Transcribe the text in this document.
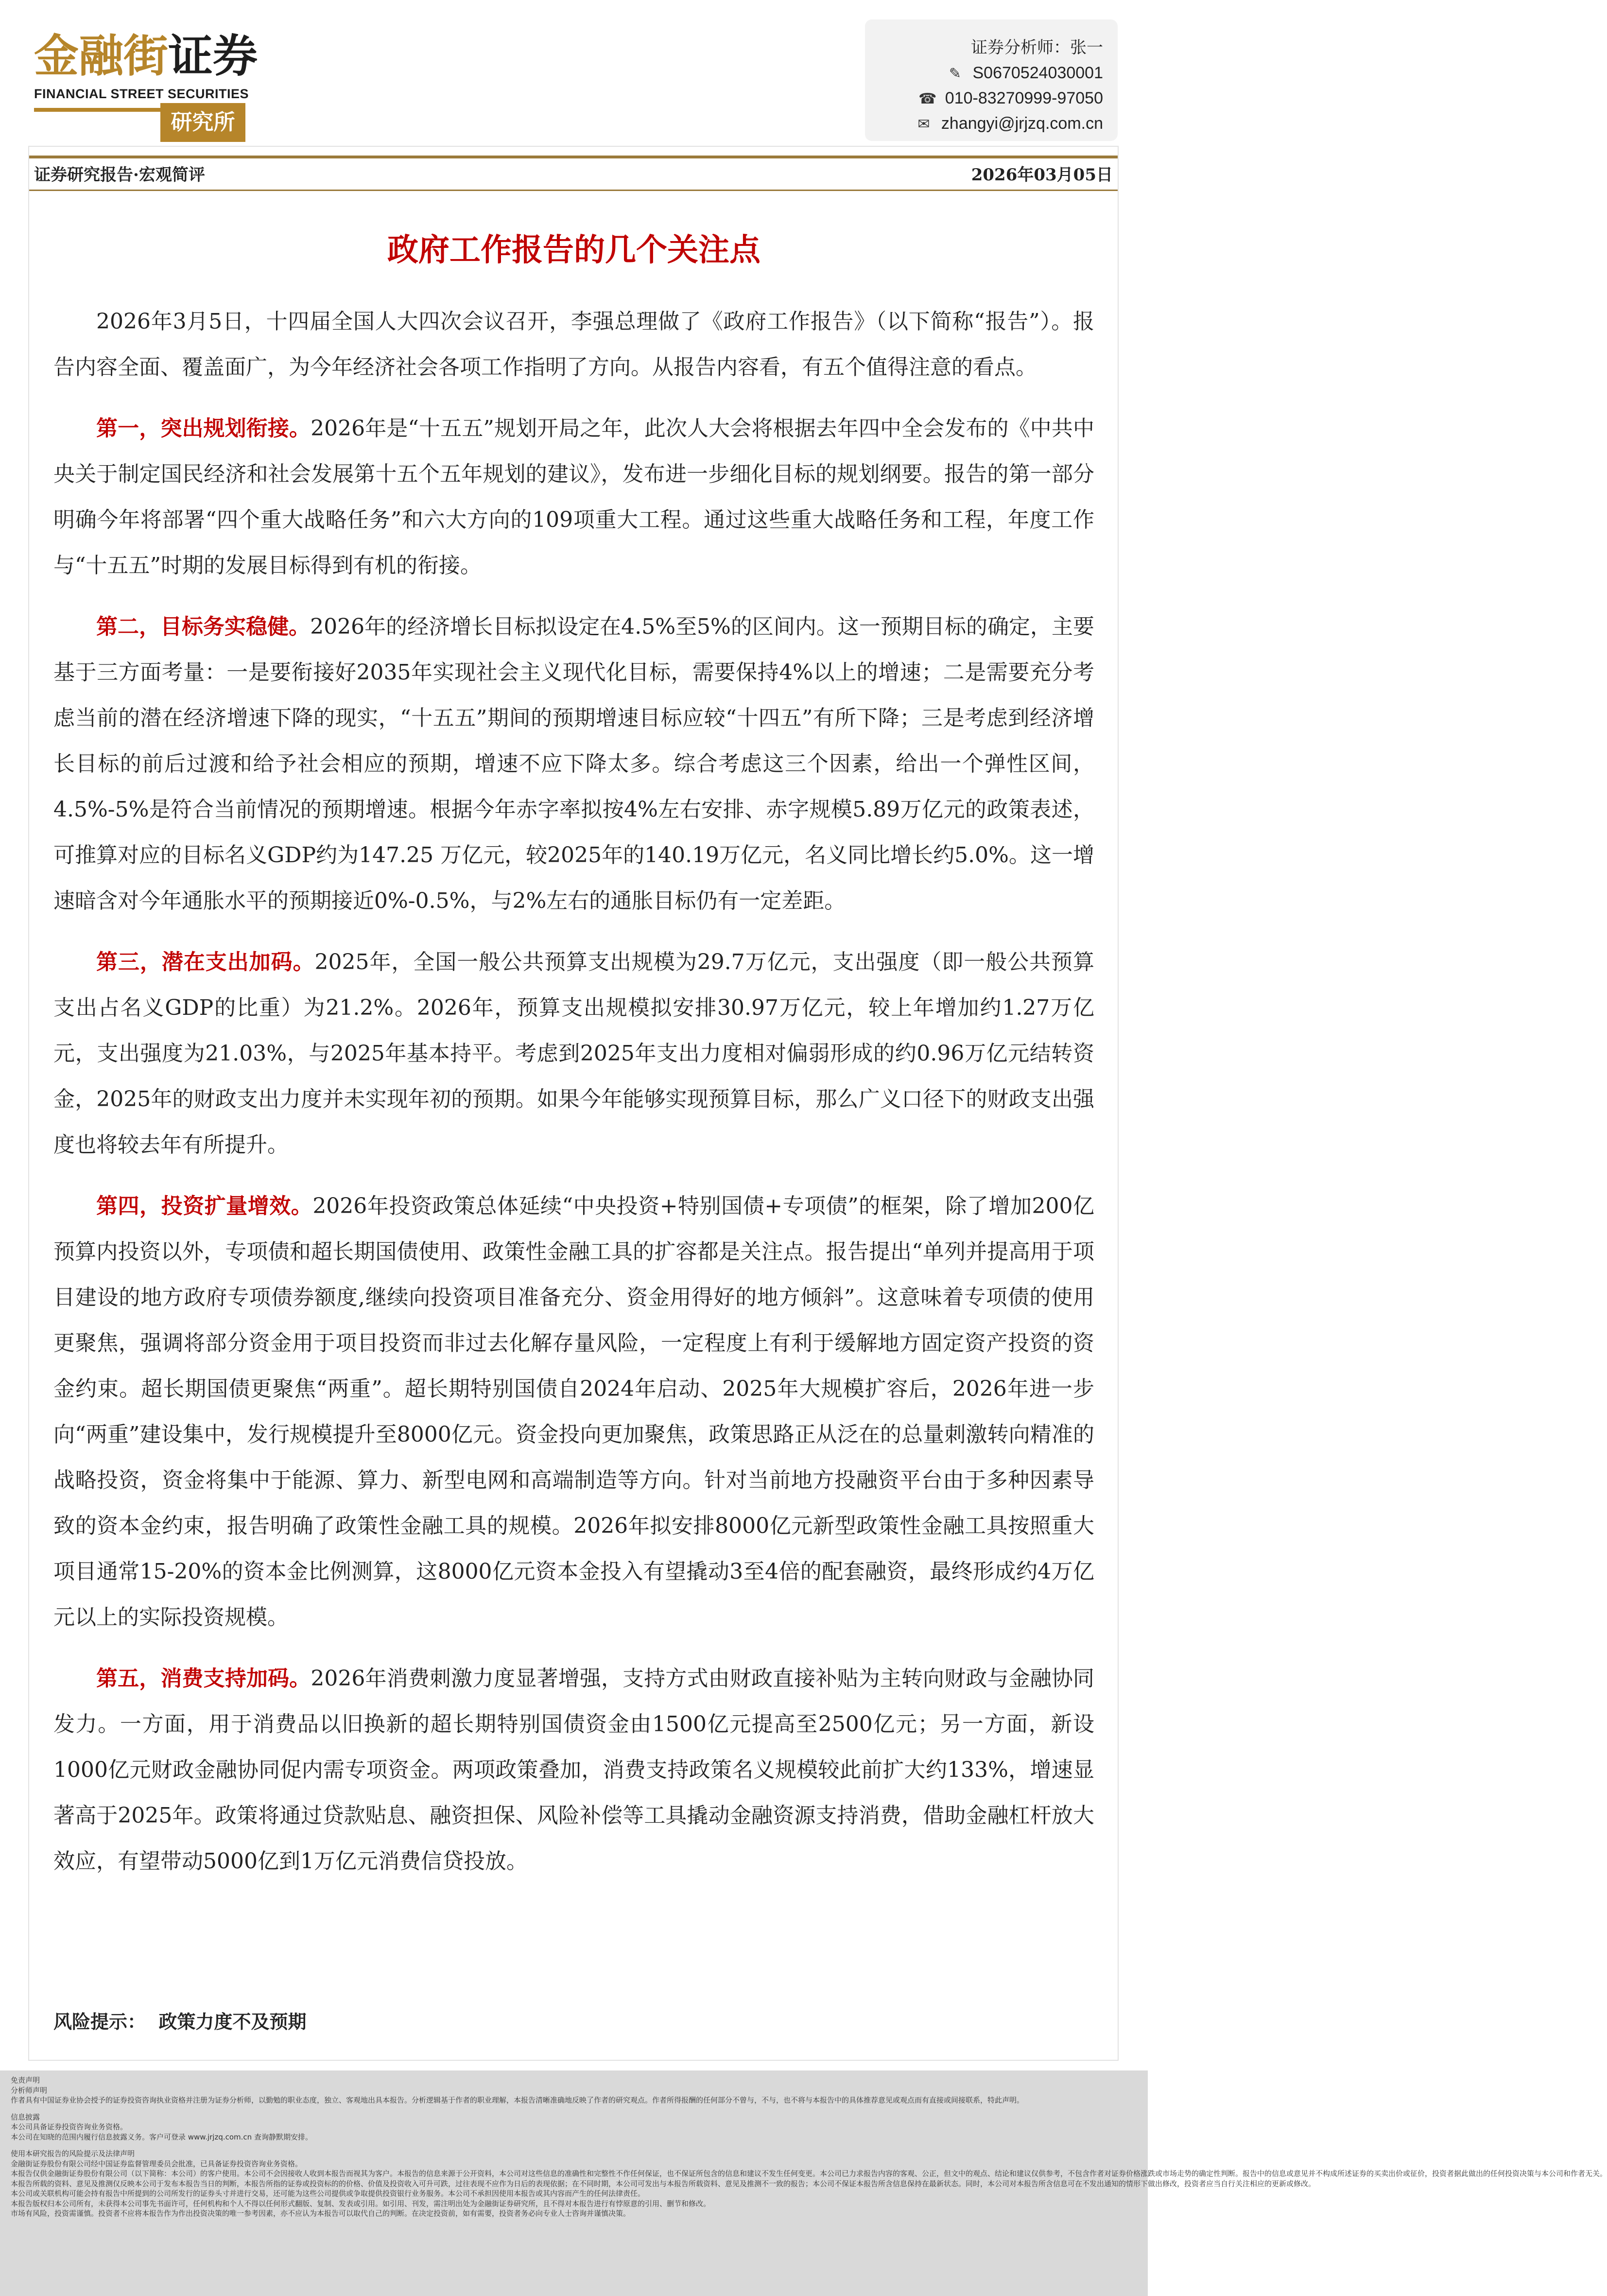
金融街证券
FINANCIAL STREET SECURITIES
研究所
证券分析师：张一
✎ S0670524030001
☎ 010-83270999-97050
✉ zhangyi@jrjzq.com.cn
证券研究报告·宏观简评	2026年03月05日
政府工作报告的几个关注点

2026年3月5日，十四届全国人大四次会议召开，李强总理做了《政府工作报告》（以下简称“报告”）。报告内容全面、覆盖面广，为今年经济社会各项工作指明了方向。从报告内容看，有五个值得注意的看点。

第一，突出规划衔接。2026年是“十五五”规划开局之年，此次人大会将根据去年四中全会发布的《中共中央关于制定国民经济和社会发展第十五个五年规划的建议》，发布进一步细化目标的规划纲要。报告的第一部分明确今年将部署“四个重大战略任务”和六大方向的109项重大工程。通过这些重大战略任务和工程，年度工作与“十五五”时期的发展目标得到有机的衔接。

第二，目标务实稳健。2026年的经济增长目标拟设定在4.5%至5%的区间内。这一预期目标的确定，主要基于三方面考量：一是要衔接好2035年实现社会主义现代化目标，需要保持4%以上的增速；二是需要充分考虑当前的潜在经济增速下降的现实，“十五五”期间的预期增速目标应较“十四五”有所下降；三是考虑到经济增长目标的前后过渡和给予社会相应的预期，增速不应下降太多。综合考虑这三个因素，给出一个弹性区间，4.5%-5%是符合当前情况的预期增速。根据今年赤字率拟按4%左右安排、赤字规模5.89万亿元的政策表述，可推算对应的目标名义GDP约为147.25 万亿元，较2025年的140.19万亿元，名义同比增长约5.0%。这一增速暗含对今年通胀水平的预期接近0%-0.5%，与2%左右的通胀目标仍有一定差距。

第三，潜在支出加码。2025年，全国一般公共预算支出规模为29.7万亿元，支出强度（即一般公共预算支出占名义GDP的比重）为21.2%。2026年，预算支出规模拟安排30.97万亿元，较上年增加约1.27万亿元，支出强度为21.03%，与2025年基本持平。考虑到2025年支出力度相对偏弱形成的约0.96万亿元结转资金，2025年的财政支出力度并未实现年初的预期。如果今年能够实现预算目标，那么广义口径下的财政支出强度也将较去年有所提升。

第四，投资扩量增效。2026年投资政策总体延续“中央投资+特别国债+专项债”的框架，除了增加200亿预算内投资以外，专项债和超长期国债使用、政策性金融工具的扩容都是关注点。报告提出“单列并提高用于项目建设的地方政府专项债券额度,继续向投资项目准备充分、资金用得好的地方倾斜”。这意味着专项债的使用更聚焦，强调将部分资金用于项目投资而非过去化解存量风险，一定程度上有利于缓解地方固定资产投资的资金约束。超长期国债更聚焦“两重”。超长期特别国债自2024年启动、2025年大规模扩容后，2026年进一步向“两重”建设集中，发行规模提升至8000亿元。资金投向更加聚焦，政策思路正从泛在的总量刺激转向精准的战略投资，资金将集中于能源、算力、新型电网和高端制造等方向。针对当前地方投融资平台由于多种因素导致的资本金约束，报告明确了政策性金融工具的规模。2026年拟安排8000亿元新型政策性金融工具按照重大项目通常15-20%的资本金比例测算，这8000亿元资本金投入有望撬动3至4倍的配套融资，最终形成约4万亿元以上的实际投资规模。

第五，消费支持加码。2026年消费刺激力度显著增强，支持方式由财政直接补贴为主转向财政与金融协同发力。一方面，用于消费品以旧换新的超长期特别国债资金由1500亿元提高至2500亿元；另一方面，新设1000亿元财政金融协同促内需专项资金。两项政策叠加，消费支持政策名义规模较此前扩大约133%，增速显著高于2025年。政策将通过贷款贴息、融资担保、风险补偿等工具撬动金融资源支持消费，借助金融杠杆放大效应，有望带动5000亿到1万亿元消费信贷投放。

风险提示： 政策力度不及预期
免责声明
分析师声明
作者具有中国证券业协会授予的证券投资咨询执业资格并注册为证券分析师，以勤勉的职业态度，独立、客观地出具本报告。分析逻辑基于作者的职业理解，本报告清晰准确地反映了作者的研究观点。作者所得报酬的任何部分不曾与，不与，也不将与本报告中的具体推荐意见或观点而有直接或间接联系，特此声明。
信息披露
本公司具备证券投资咨询业务资格。
本公司在知晓的范围内履行信息披露义务。客户可登录 www.jrjzq.com.cn 查询静默期安排。
使用本研究报告的风险提示及法律声明
金融街证券股份有限公司经中国证券监督管理委员会批准，已具备证券投资咨询业务资格。
本报告仅供金融街证券股份有限公司（以下简称：本公司）的客户使用。本公司不会因接收人收到本报告而视其为客户。本报告的信息来源于公开资料，本公司对这些信息的准确性和完整性不作任何保证，也不保证所包含的信息和建议不发生任何变更。本公司已力求报告内容的客观、公正，但文中的观点、结论和建议仅供参考，不包含作者对证券价格涨跌或市场走势的确定性判断。报告中的信息或意见并不构成所述证券的买卖出价或征价，投资者据此做出的任何投资决策与本公司和作者无关。
本报告所载的资料、意见及推测仅反映本公司于发布本报告当日的判断，本报告所指的证券或投资标的的价格、价值及投资收入可升可跌，过往表现不应作为日后的表现依据；在不同时期，本公司可发出与本报告所载资料、意见及推测不一致的报告；本公司不保证本报告所含信息保持在最新状态。同时，本公司对本报告所含信息可在不发出通知的情形下做出修改，投资者应当自行关注相应的更新或修改。
本公司或关联机构可能会持有报告中所提到的公司所发行的证券头寸并进行交易，还可能为这些公司提供或争取提供投资银行业务服务。本公司不承担因使用本报告或其内容而产生的任何法律责任。
本报告版权归本公司所有，未获得本公司事先书面许可，任何机构和个人不得以任何形式翻版、复制、发表或引用。如引用、刊发，需注明出处为金融街证券研究所，且不得对本报告进行有悖原意的引用、删节和修改。
市场有风险，投资需谨慎。投资者不应将本报告作为作出投资决策的唯一参考因素，亦不应认为本报告可以取代自己的判断。在决定投资前，如有需要，投资者务必向专业人士咨询并谨慎决策。
